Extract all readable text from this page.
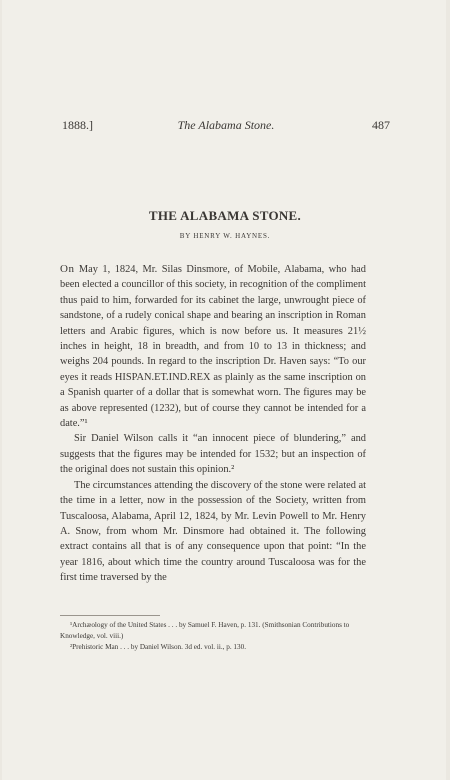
1888.]	The Alabama Stone.	487
THE ALABAMA STONE.
BY HENRY W. HAYNES.

On May 1, 1824, Mr. Silas Dinsmore, of Mobile, Alabama, who had been elected a councillor of this society, in recognition of the compliment thus paid to him, forwarded for its cabinet the large, unwrought piece of sandstone, of a rudely conical shape and bearing an inscription in Roman letters and Arabic figures, which is now before us. It measures 21½ inches in height, 18 in breadth, and from 10 to 13 in thickness; and weighs 204 pounds. In regard to the inscription Dr. Haven says: “To our eyes it reads HISPAN.ET.IND.REX as plainly as the same inscription on a Spanish quarter of a dollar that is somewhat worn. The figures may be as above represented (1232), but of course they cannot be intended for a date.”¹

Sir Daniel Wilson calls it “an innocent piece of blundering,” and suggests that the figures may be intended for 1532; but an inspection of the original does not sustain this opinion.²

The circumstances attending the discovery of the stone were related at the time in a letter, now in the possession of the Society, written from Tuscaloosa, Alabama, April 12, 1824, by Mr. Levin Powell to Mr. Henry A. Snow, from whom Mr. Dinsmore had obtained it. The following extract contains all that is of any consequence upon that point: “In the year 1816, about which time the country around Tuscaloosa was for the first time traversed by the

¹Archæology of the United States . . . by Samuel F. Haven, p. 131. (Smithsonian Contributions to Knowledge, vol. viii.)

²Prehistoric Man . . . by Daniel Wilson. 3d ed. vol. ii., p. 130.
